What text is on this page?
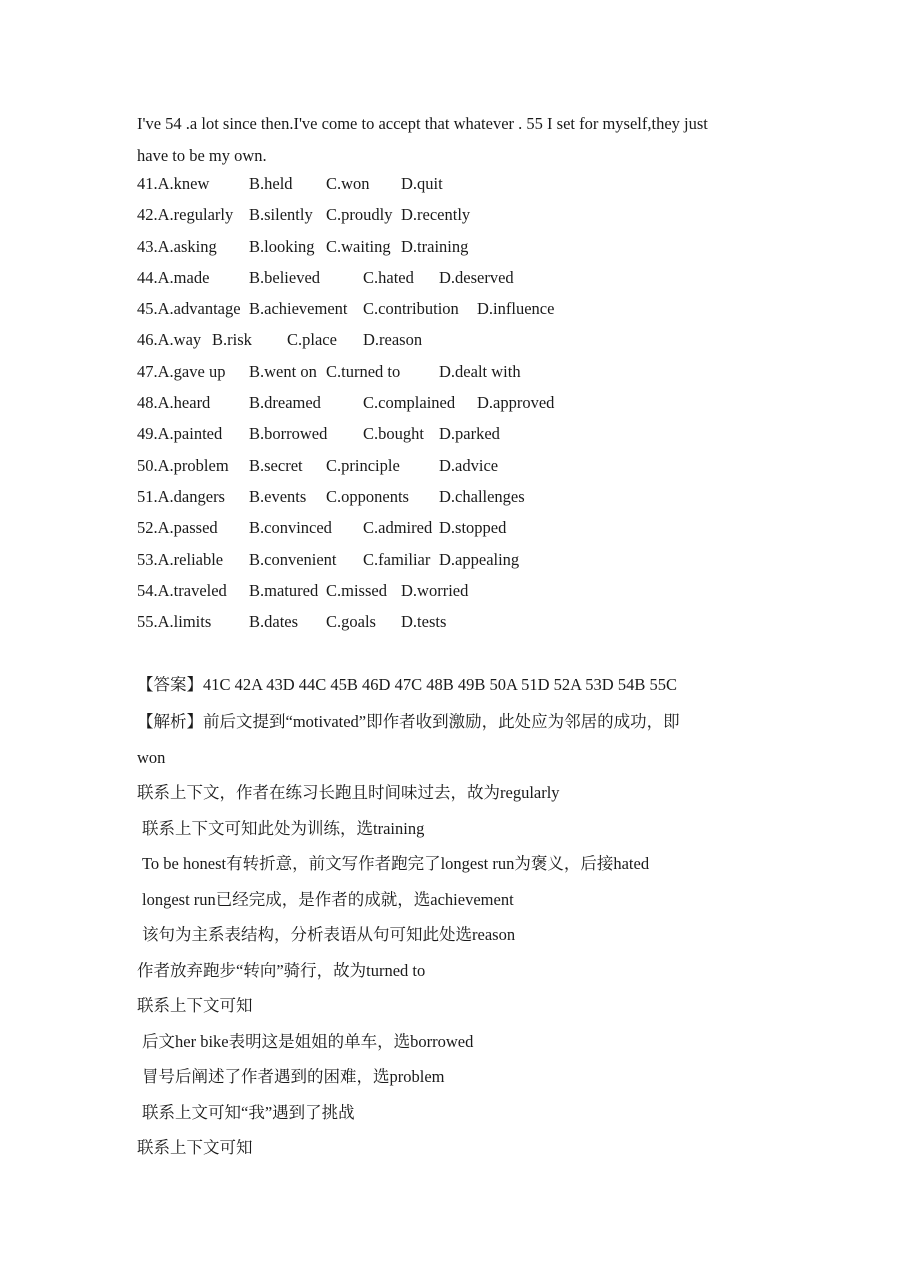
I've 54 .a lot since then.I've come to accept that whatever . 55 I set for myself,they just
have to be my own.
41.A.knew B.held C.won D.quit
42.A.regularly B.silently C.proudly D.recently
43.A.asking B.looking C.waiting D.training
44.A.made B.believed	C.hated D.deserved
45.A.advantage B.achievement C.contribution D.influence
46.A.way B.risk C.place D.reason
47.A.gave up B.went on C.turned to D.dealt with
48.A.heard B.dreamed	C.complained D.approved
49.A.painted B.borrowed C.bought D.parked
50.A.problem B.secret C.principle D.advice
51.A.dangers B.events C.opponents D.challenges
52.A.passed B.convinced C.admired D.stopped
53.A.reliable B.convenient C.familiar D.appealing
54.A.traveled B.matured C.missed D.worried
55.A.limits B.dates C.goals D.tests
【答案】41C 42A 43D 44C 45B 46D 47C 48B 49B 50A 51D 52A 53D 54B 55C
【解析】前后文提到“motivated”即作者收到激励，此处应为邻居的成功，即
won
联系上下文，作者在练习长跑且时间味过去，故为regularly
联系上下文可知此处为训练，选training
To be honest有转折意，前文写作者跑完了longest run为褒义，后接hated
longest run已经完成，是作者的成就，选achievement
该句为主系表结构，分析表语从句可知此处选reason
作者放弃跑步“转向”骑行，故为turned to
联系上下文可知
后文her bike表明这是姐姐的单车，选borrowed
冒号后阐述了作者遇到的困难，选problem
联系上文可知“我”遇到了挑战
联系上下文可知
